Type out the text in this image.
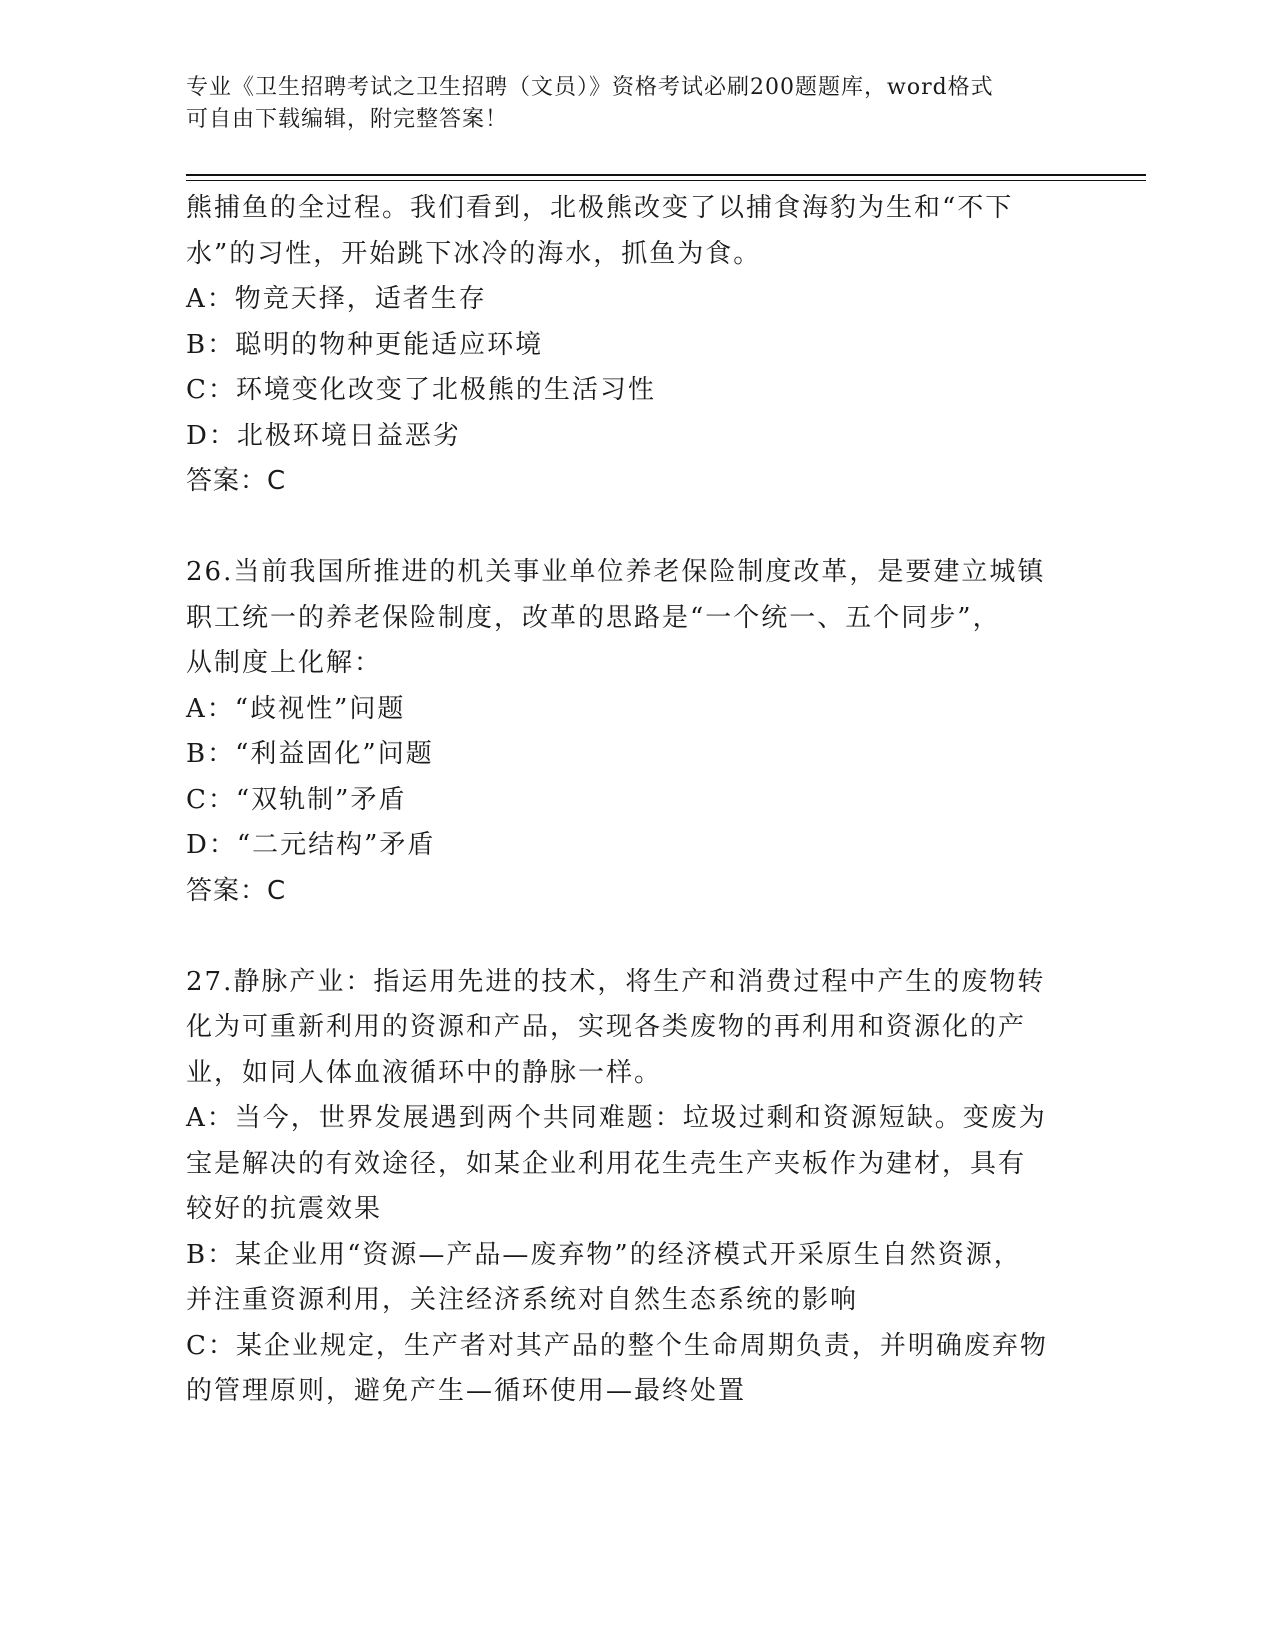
专业《卫生招聘考试之卫生招聘（文员）》资格考试必刷200题题库，word格式
可自由下载编辑，附完整答案！
熊捕鱼的全过程。我们看到，北极熊改变了以捕食海豹为生和“不下
水”的习性，开始跳下冰冷的海水，抓鱼为食。
A：物竞天择，适者生存
B：聪明的物种更能适应环境
C：环境变化改变了北极熊的生活习性
D：北极环境日益恶劣
答案：C
26.当前我国所推进的机关事业单位养老保险制度改革，是要建立城镇
职工统一的养老保险制度，改革的思路是“一个统一、五个同步”，
从制度上化解：
A：“歧视性”问题
B：“利益固化”问题
C：“双轨制”矛盾
D：“二元结构”矛盾
答案：C
27.静脉产业：指运用先进的技术，将生产和消费过程中产生的废物转
化为可重新利用的资源和产品，实现各类废物的再利用和资源化的产
业，如同人体血液循环中的静脉一样。
A：当今，世界发展遇到两个共同难题：垃圾过剩和资源短缺。变废为
宝是解决的有效途径，如某企业利用花生壳生产夹板作为建材，具有
较好的抗震效果
B：某企业用“资源—产品—废弃物”的经济模式开采原生自然资源，
并注重资源利用，关注经济系统对自然生态系统的影响
C：某企业规定，生产者对其产品的整个生命周期负责，并明确废弃物
的管理原则，避免产生—循环使用—最终处置
